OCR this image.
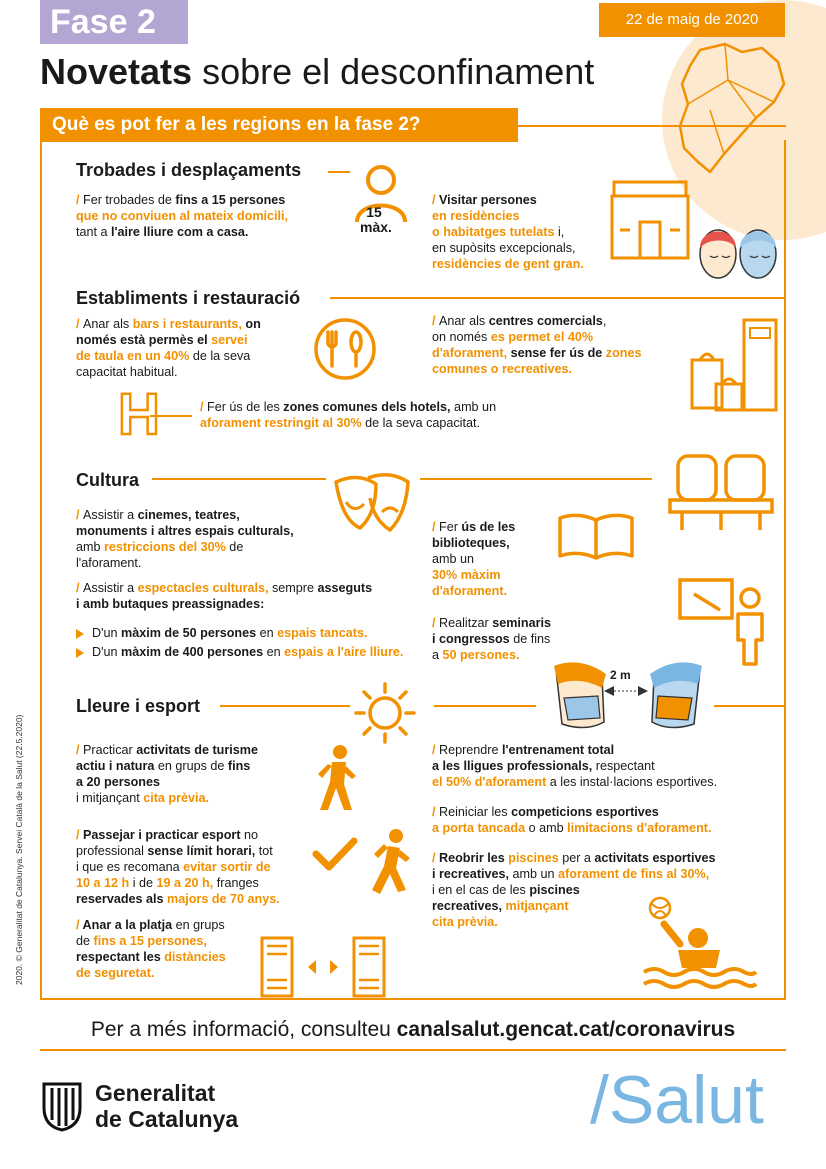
Fase 2	22 de maig de 2020
Novetats sobre el desconfinament
Què es pot fer a les regions en la fase 2?
Trobades i desplaçaments
15
màx.
/ Fer trobades de fins a 15 persones
que no conviuen al mateix domicili,
tant a l'aire lliure com a casa.
/ Visitar persones
en residències
o habitatges tutelats i,
en supòsits excepcionals,
residències de gent gran.
Establiments i restauració
/ Anar als bars i restaurants, on
només està permès el servei
de taula en un 40% de la seva
capacitat habitual.
/ Anar als centres comercials,
on només es permet el 40%
d'aforament, sense fer ús de zones
comunes o recreatives.
H	/ Fer ús de les zones comunes dels hotels, amb un
aforament restringit al 30% de la seva capacitat.
Cultura
/ Assistir a cinemes, teatres,
monuments i altres espais culturals,
amb restriccions del 30% de
l'aforament.
/ Assistir a espectacles culturals, sempre asseguts
i amb butaques preassignades:
D'un màxim de 50 persones en espais tancats.
D'un màxim de 400 persones en espais a l'aire lliure.
/ Fer ús de les
biblioteques,
amb un
30% màxim
d'aforament.
/ Realitzar seminaris
i congressos de fins
a 50 persones.
Lleure i esport
2 m
/ Practicar activitats de turisme
actiu i natura en grups de fins
a 20 persones
i mitjançant cita prèvia.
/ Passejar i practicar esport no
professional sense límit horari, tot
i que es recomana evitar sortir de
10 a 12 h i de 19 a 20 h, franges
reservades als majors de 70 anys.
/ Anar a la platja en grups
de fins a 15 persones,
respectant les distàncies
de seguretat.
/ Reprendre l'entrenament total
a les lligues professionals, respectant
el 50% d'aforament a les instal·lacions esportives.
/ Reiniciar les competicions esportives
a porta tancada o amb limitacions d'aforament.
/ Reobrir les piscines per a activitats esportives
i recreatives, amb un aforament de fins al 30%,
i en el cas de les piscines
recreatives, mitjançant
cita prèvia.
Per a més informació, consulteu canalsalut.gencat.cat/coronavirus
Generalitat
de Catalunya	/Salut
2020. © Generalitat de Catalunya. Servei Català de la Salut (22.5.2020)
